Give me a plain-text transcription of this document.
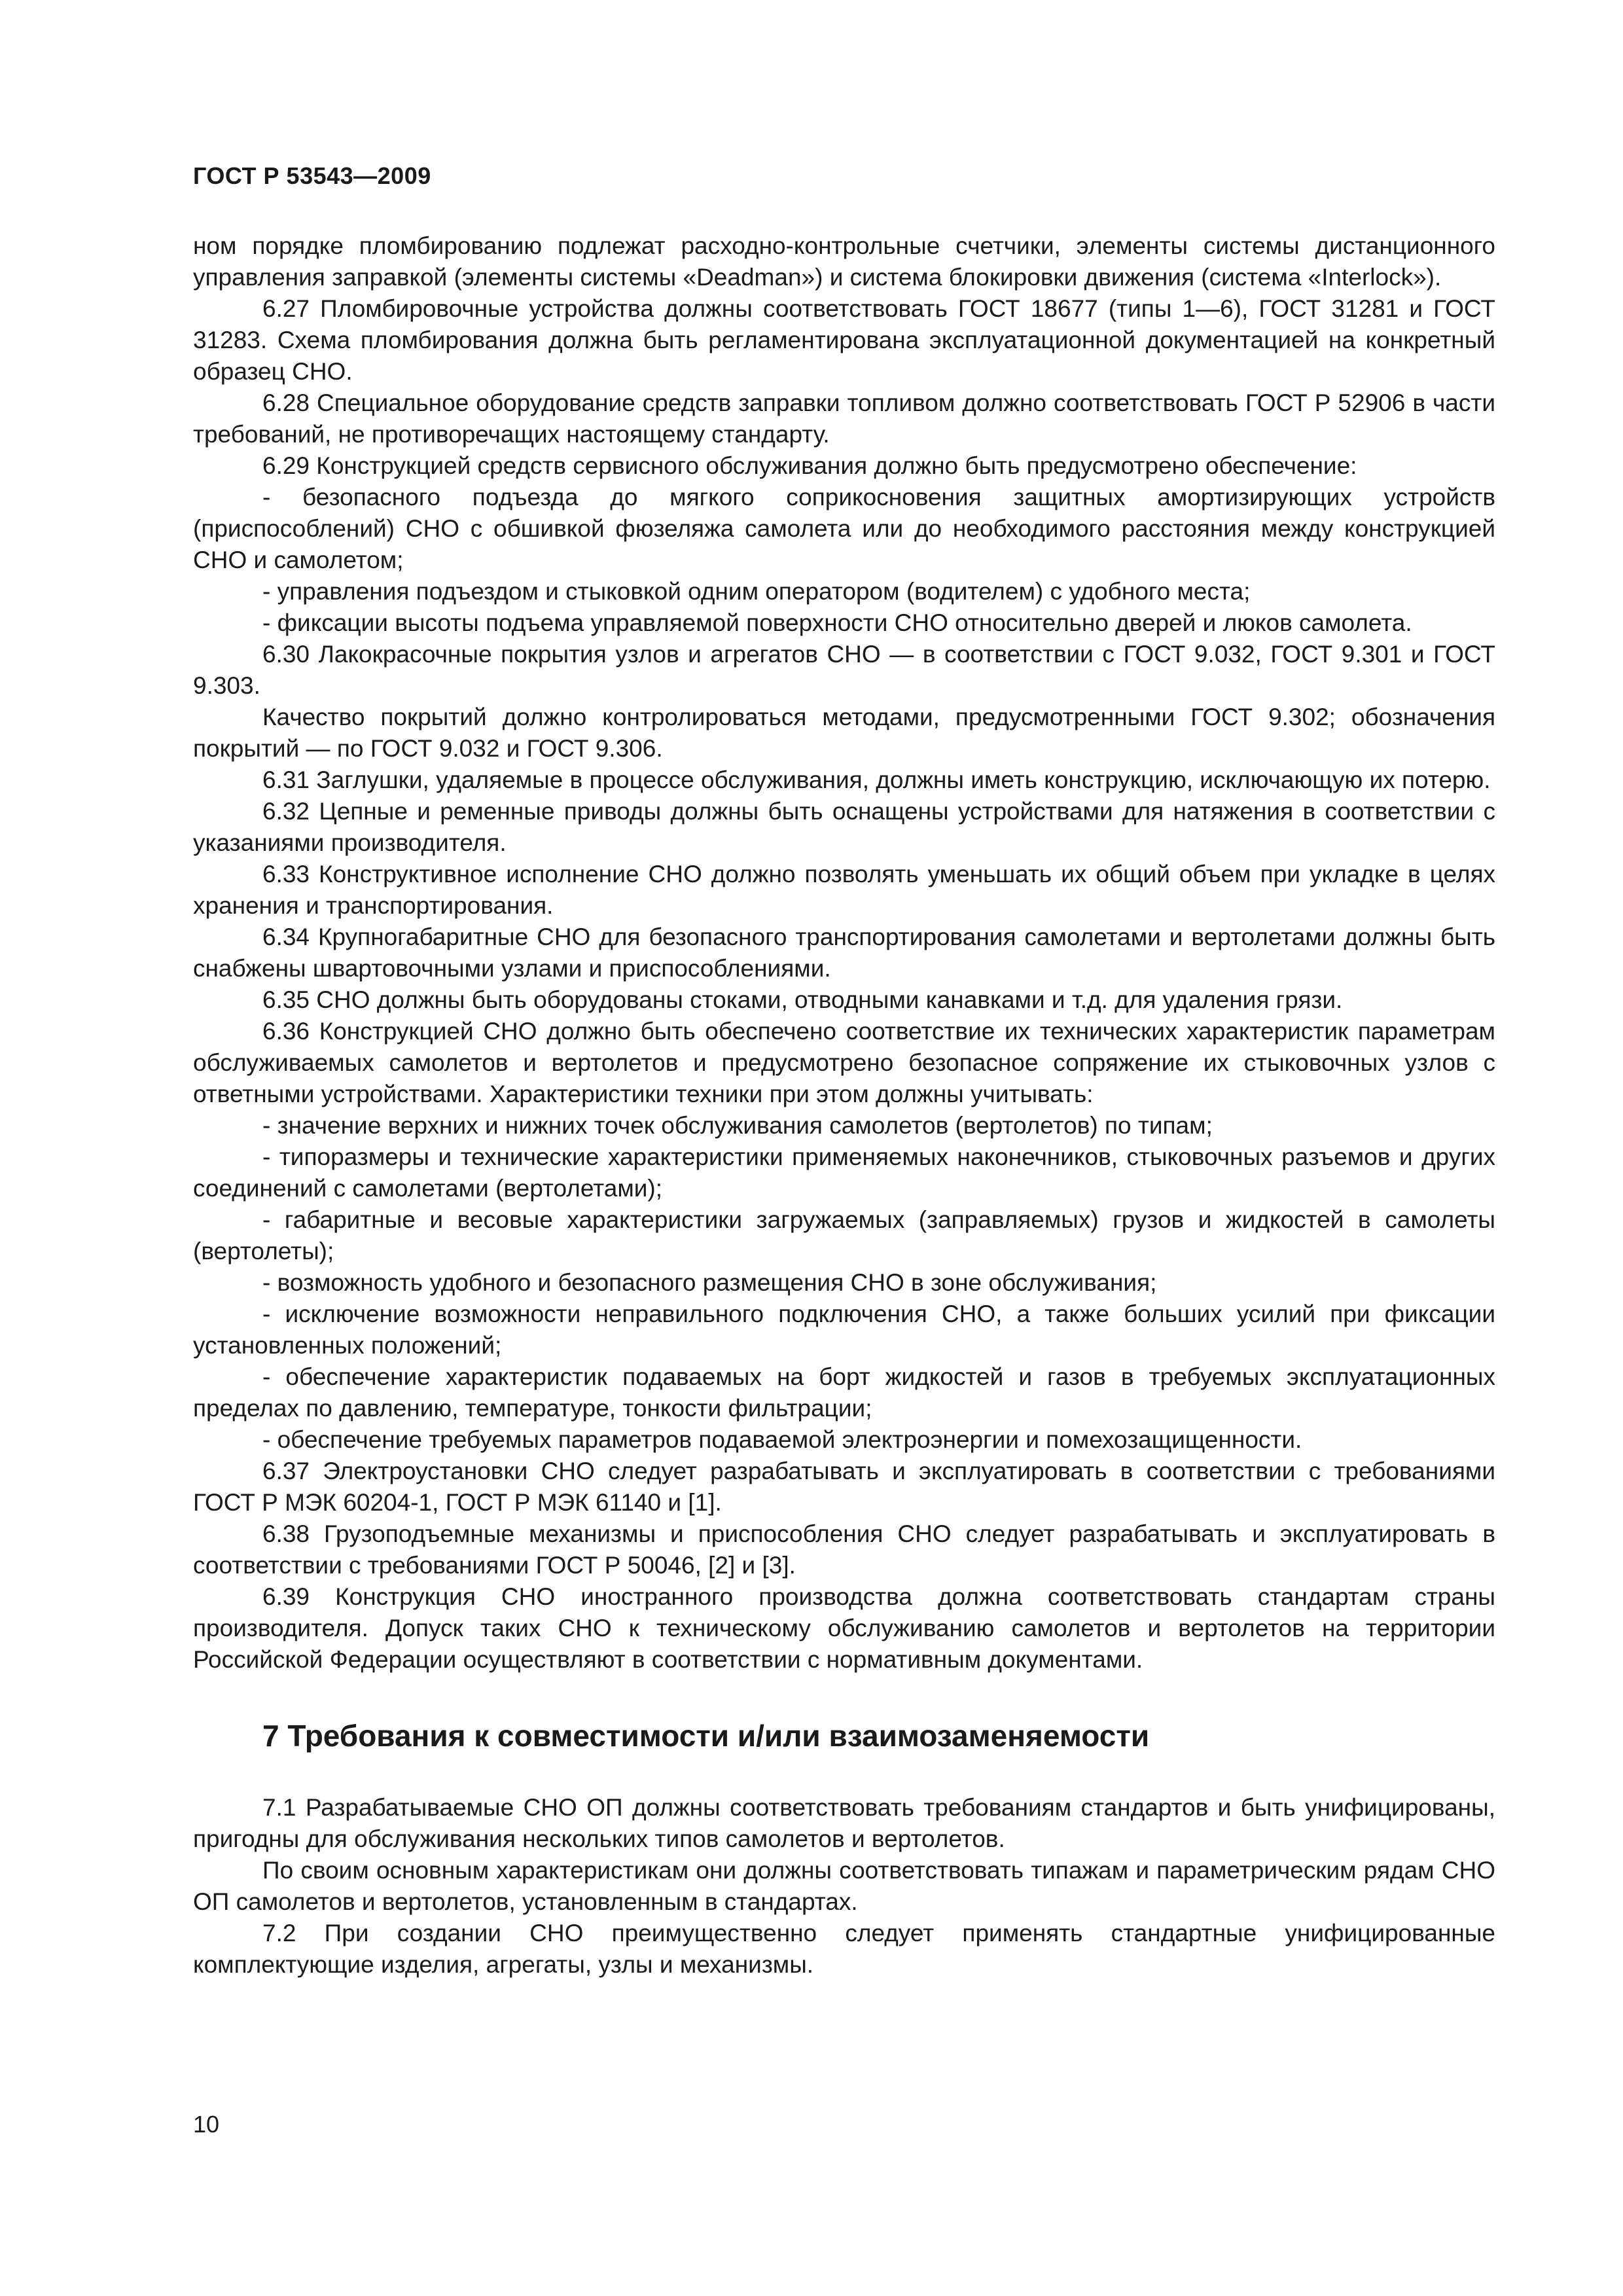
ГОСТ Р 53543—2009

ном порядке пломбированию подлежат расходно-контрольные счетчики, элементы системы дистанционного управления заправкой (элементы системы «Deadman») и система блокировки движения (система «Interlock»).

6.27 Пломбировочные устройства должны соответствовать ГОСТ 18677 (типы 1—6), ГОСТ 31281 и ГОСТ 31283. Схема пломбирования должна быть регламентирована эксплуатационной документацией на конкретный образец СНО.

6.28 Специальное оборудование средств заправки топливом должно соответствовать ГОСТ Р 52906 в части требований, не противоречащих настоящему стандарту.

6.29 Конструкцией средств сервисного обслуживания должно быть предусмотрено обеспечение:

- безопасного подъезда до мягкого соприкосновения защитных амортизирующих устройств (приспособлений) СНО с обшивкой фюзеляжа самолета или до необходимого расстояния между конструкцией СНО и самолетом;

- управления подъездом и стыковкой одним оператором (водителем) с удобного места;

- фиксации высоты подъема управляемой поверхности СНО относительно дверей и люков самолета.

6.30 Лакокрасочные покрытия узлов и агрегатов СНО — в соответствии с ГОСТ 9.032, ГОСТ 9.301 и ГОСТ 9.303.

Качество покрытий должно контролироваться методами, предусмотренными ГОСТ 9.302; обозначения покрытий — по ГОСТ 9.032 и ГОСТ 9.306.

6.31 Заглушки, удаляемые в процессе обслуживания, должны иметь конструкцию, исключающую их потерю.

6.32 Цепные и ременные приводы должны быть оснащены устройствами для натяжения в соответствии с указаниями производителя.

6.33 Конструктивное исполнение СНО должно позволять уменьшать их общий объем при укладке в целях хранения и транспортирования.

6.34 Крупногабаритные СНО для безопасного транспортирования самолетами и вертолетами должны быть снабжены швартовочными узлами и приспособлениями.

6.35 СНО должны быть оборудованы стоками, отводными канавками и т.д. для удаления грязи.

6.36 Конструкцией СНО должно быть обеспечено соответствие их технических характеристик параметрам обслуживаемых самолетов и вертолетов и предусмотрено безопасное сопряжение их стыковочных узлов с ответными устройствами. Характеристики техники при этом должны учитывать:

- значение верхних и нижних точек обслуживания самолетов (вертолетов) по типам;

- типоразмеры и технические характеристики применяемых наконечников, стыковочных разъемов и других соединений с самолетами (вертолетами);

- габаритные и весовые характеристики загружаемых (заправляемых) грузов и жидкостей в самолеты (вертолеты);

- возможность удобного и безопасного размещения СНО в зоне обслуживания;

- исключение возможности неправильного подключения СНО, а также больших усилий при фиксации установленных положений;

- обеспечение характеристик подаваемых на борт жидкостей и газов в требуемых эксплуатационных пределах по давлению, температуре, тонкости фильтрации;

- обеспечение требуемых параметров подаваемой электроэнергии и помехозащищенности.

6.37 Электроустановки СНО следует разрабатывать и эксплуатировать в соответствии с требованиями ГОСТ Р МЭК 60204-1, ГОСТ Р МЭК 61140 и [1].

6.38 Грузоподъемные механизмы и приспособления СНО следует разрабатывать и эксплуатировать в соответствии с требованиями ГОСТ Р 50046, [2] и [3].

6.39 Конструкция СНО иностранного производства должна соответствовать стандартам страны производителя. Допуск таких СНО к техническому обслуживанию самолетов и вертолетов на территории Российской Федерации осуществляют в соответствии с нормативным документами.

7 Требования к совместимости и/или взаимозаменяемости

7.1 Разрабатываемые СНО ОП должны соответствовать требованиям стандартов и быть унифицированы, пригодны для обслуживания нескольких типов самолетов и вертолетов.

По своим основным характеристикам они должны соответствовать типажам и параметрическим рядам СНО ОП самолетов и вертолетов, установленным в стандартах.

7.2 При создании СНО преимущественно следует применять стандартные унифицированные комплектующие изделия, агрегаты, узлы и механизмы.

10
